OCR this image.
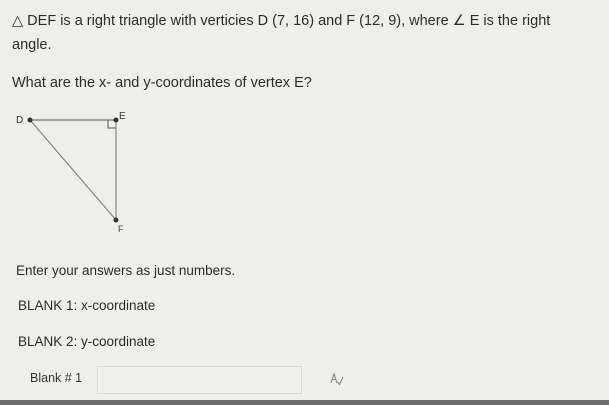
△ DEF is a right triangle with verticies D (7, 16) and F (12, 9), where ∠ E is the right
angle.
What are the x- and y-coordinates of vertex E?
D	E
F
Enter your answers as just numbers.
BLANK 1: x-coordinate
BLANK 2: y-coordinate
Blank # 1
